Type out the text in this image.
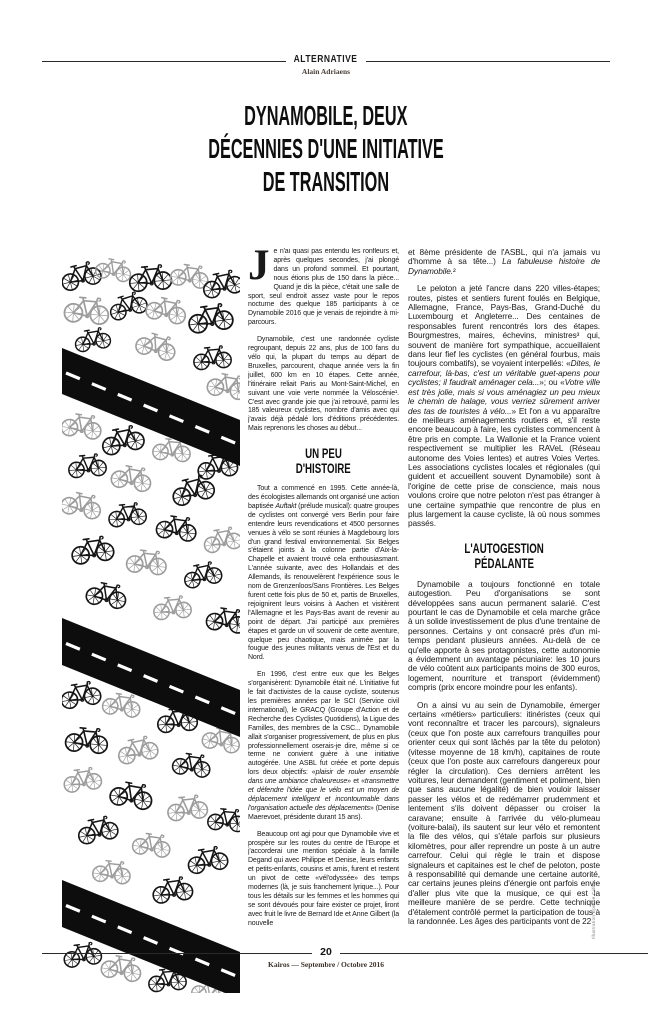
ALTERNATIVE
Alain Adriaens
DYNAMOBILE, DEUX
DÉCENNIES D'UNE INITIATIVE
DE TRANSITION

Je n'ai quasi pas entendu les ronfleurs et, après quelques secondes, j'ai plongé dans un profond sommeil. Et pourtant, nous étions plus de 150 dans la pièce... Quand je dis la pièce, c'était une salle de sport, seul endroit assez vaste pour le repos nocturne des quelque 185 participants à ce Dynamobile 2016 que je venais de rejoindre à mi-parcours.

Dynamobile, c'est une randonnée cycliste regroupant, depuis 22 ans, plus de 100 fans du vélo qui, la plupart du temps au départ de Bruxelles, parcourent, chaque année vers la fin juillet, 600 km en 10 étapes. Cette année, l'itinéraire reliait Paris au Mont-Saint-Michel, en suivant une voie verte nommée la Véloscénie¹. C'est avec grande joie que j'ai retrouvé, parmi les 185 valeureux cyclistes, nombre d'amis avec qui j'avais déjà pédalé lors d'éditions précédentes. Mais reprenons les choses au début...

UN PEU
D'HISTOIRE

Tout a commencé en 1995. Cette année-là, des écologistes allemands ont organisé une action baptisée Auftakt (prélude musical): quatre groupes de cyclistes ont convergé vers Berlin pour faire entendre leurs revendications et 4500 personnes venues à vélo se sont réunies à Magdebourg lors d'un grand festival environnemental. Six Belges s'étaient joints à la colonne partie d'Aix-la-Chapelle et avaient trouvé cela enthousiasmant. L'année suivante, avec des Hollandais et des Allemands, ils renouvelèrent l'expérience sous le nom de Grenzenloos/Sans Frontières. Les Belges furent cette fois plus de 50 et, partis de Bruxelles, rejoignirent leurs voisins à Aachen et visitèrent l'Allemagne et les Pays-Bas avant de revenir au point de départ. J'ai participé aux premières étapes et garde un vif souvenir de cette aventure, quelque peu chaotique, mais animée par la fougue des jeunes militants venus de l'Est et du Nord.

En 1996, c'est entre eux que les Belges s'organisèrent: Dynamobile était né. L'initiative fut le fait d'activistes de la cause cycliste, soutenus les premières années par le SCI (Service civil international), le GRACQ (Groupe d'Action et de Recherche des Cyclistes Quotidiens), la Ligue des Familles, des membres de la CSC... Dynamobile allait s'organiser progressivement, de plus en plus professionnellement oserais-je dire, même si ce terme ne convient guère à une initiative autogérée. Une ASBL fut créée et porte depuis lors deux objectifs: «plaisir de rouler ensemble dans une ambiance chaleureuse» et «transmettre et défendre l'idée que le vélo est un moyen de déplacement intelligent et incontournable dans l'organisation actuelle des déplacements» (Denise Maerevoet, présidente durant 15 ans).

Beaucoup ont agi pour que Dynamobile vive et prospère sur les routes du centre de l'Europe et j'accorderai une mention spéciale à la famille Degand qui avec Philippe et Denise, leurs enfants et petits-enfants, cousins et amis, furent et restent un pivot de cette «vél'odyssée» des temps modernes (là, je suis franchement lyrique...). Pour tous les détails sur les femmes et les hommes qui se sont dévoués pour faire exister ce projet, liront avec fruit le livre de Bernard Ide et Anne Gilbert (la nouvelle

et 8ème présidente de l'ASBL, qui n'a jamais vu d'homme à sa tête...) La fabuleuse histoire de Dynamobile.²

Le peloton a jeté l'ancre dans 220 villes-étapes; routes, pistes et sentiers furent foulés en Belgique, Allemagne, France, Pays-Bas, Grand-Duché du Luxembourg et Angleterre... Des centaines de responsables furent rencontrés lors des étapes. Bourgmestres, maires, échevins, ministres³ qui, souvent de manière fort sympathique, accueillaient dans leur fief les cyclistes (en général fourbus, mais toujours combatifs), se voyaient interpellés: «Dites, le carrefour, là-bas, c'est un véritable guet-apens pour cyclistes; il faudrait aménager cela...»; ou «Votre ville est très jolie, mais si vous aménagiez un peu mieux le chemin de halage, vous verriez sûrement arriver des tas de touristes à vélo...» Et l'on a vu apparaître de meilleurs aménagements routiers et, s'il reste encore beaucoup à faire, les cyclistes commencent à être pris en compte. La Wallonie et la France voient respectivement se multiplier les RAVeL (Réseau autonome des Voies lentes) et autres Voies Vertes. Les associations cyclistes locales et régionales (qui guident et accueillent souvent Dynamobile) sont à l'origine de cette prise de conscience, mais nous voulons croire que notre peloton n'est pas étranger à une certaine sympathie que rencontre de plus en plus largement la cause cycliste, là où nous sommes passés.

L'AUTOGESTION
PÉDALANTE

Dynamobile a toujours fonctionné en totale autogestion. Peu d'organisations se sont développées sans aucun permanent salarié. C'est pourtant le cas de Dynamobile et cela marche grâce à un solide investissement de plus d'une trentaine de personnes. Certains y ont consacré près d'un mi-temps pendant plusieurs années. Au-delà de ce qu'elle apporte à ses protagonistes, cette autonomie a évidemment un avantage pécuniaire: les 10 jours de vélo coûtent aux participants moins de 300 euros, logement, nourriture et transport (évidemment) compris (prix encore moindre pour les enfants).

On a ainsi vu au sein de Dynamobile, émerger certains «métiers» particuliers: itinéristes (ceux qui vont reconnaître et tracer les parcours), signaleurs (ceux que l'on poste aux carrefours tranquilles pour orienter ceux qui sont lâchés par la tête du peloton) (vitesse moyenne de 18 km/h), capitaines de route (ceux que l'on poste aux carrefours dangereux pour régler la circulation). Ces derniers arrêtent les voitures, leur demandent (gentiment et poliment, bien que sans aucune légalité) de bien vouloir laisser passer les vélos et de redémarrer prudemment et lentement s'ils doivent dépasser ou croiser la caravane; ensuite à l'arrivée du vélo-plumeau (voiture-balai), ils sautent sur leur vélo et remontent la file des vélos, qui s'étale parfois sur plusieurs kilomètres, pour aller reprendre un poste à un autre carrefour. Celui qui règle le train et dispose signaleurs et capitaines est le chef de peloton, poste à responsabilité qui demande une certaine autorité, car certains jeunes pleins d'énergie ont parfois envie d'aller plus vite que la musique, ce qui est la meilleure manière de se perdre. Cette technique d'étalement contrôlé permet la participation de tous à la randonnée. Les âges des participants vont de 22 Illustration Eperne Cidley
20
Kairos — Septembre / Octobre 2016
